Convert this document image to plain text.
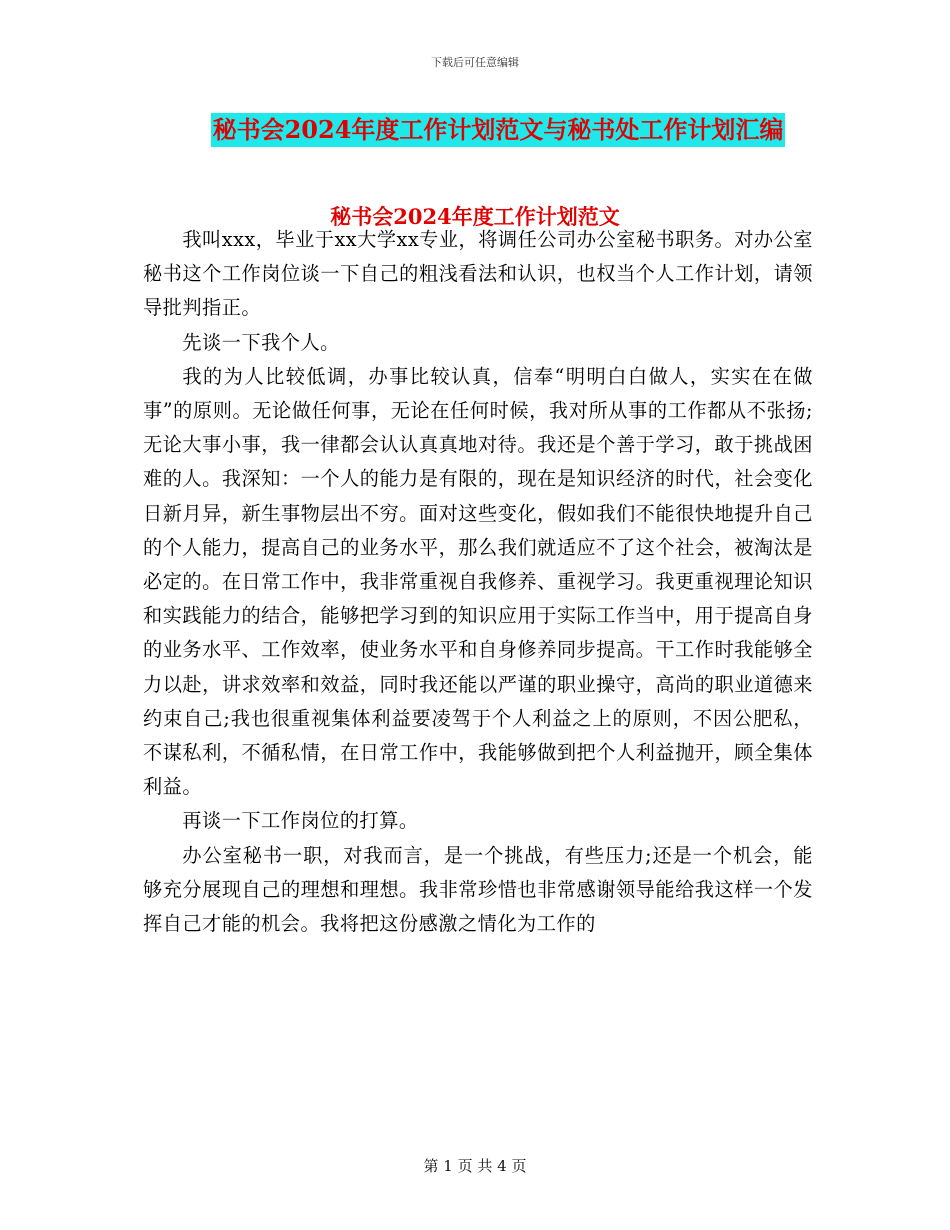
下载后可任意编辑
秘书会2024年度工作计划范文与秘书处工作计划汇编
秘书会2024年度工作计划范文

我叫xxx，毕业于xx大学xx专业，将调任公司办公室秘书职务。对办公室秘书这个工作岗位谈一下自己的粗浅看法和认识，也权当个人工作计划，请领导批判指正。

先谈一下我个人。

我的为人比较低调，办事比较认真，信奉“明明白白做人，实实在在做事”的原则。无论做任何事，无论在任何时候，我对所从事的工作都从不张扬;无论大事小事，我一律都会认认真真地对待。我还是个善于学习，敢于挑战困难的人。我深知：一个人的能力是有限的，现在是知识经济的时代，社会变化日新月异，新生事物层出不穷。面对这些变化，假如我们不能很快地提升自己的个人能力，提高自己的业务水平，那么我们就适应不了这个社会，被淘汰是必定的。在日常工作中，我非常重视自我修养、重视学习。我更重视理论知识和实践能力的结合，能够把学习到的知识应用于实际工作当中，用于提高自身的业务水平、工作效率，使业务水平和自身修养同步提高。干工作时我能够全力以赴，讲求效率和效益，同时我还能以严谨的职业操守，高尚的职业道德来约束自己;我也很重视集体利益要凌驾于个人利益之上的原则，不因公肥私，不谋私利，不循私情，在日常工作中，我能够做到把个人利益抛开，顾全集体利益。

再谈一下工作岗位的打算。

办公室秘书一职，对我而言，是一个挑战，有些压力;还是一个机会，能够充分展现自己的理想和理想。我非常珍惜也非常感谢领导能给我这样一个发挥自己才能的机会。我将把这份感激之情化为工作的

第 1 页 共 4 页
